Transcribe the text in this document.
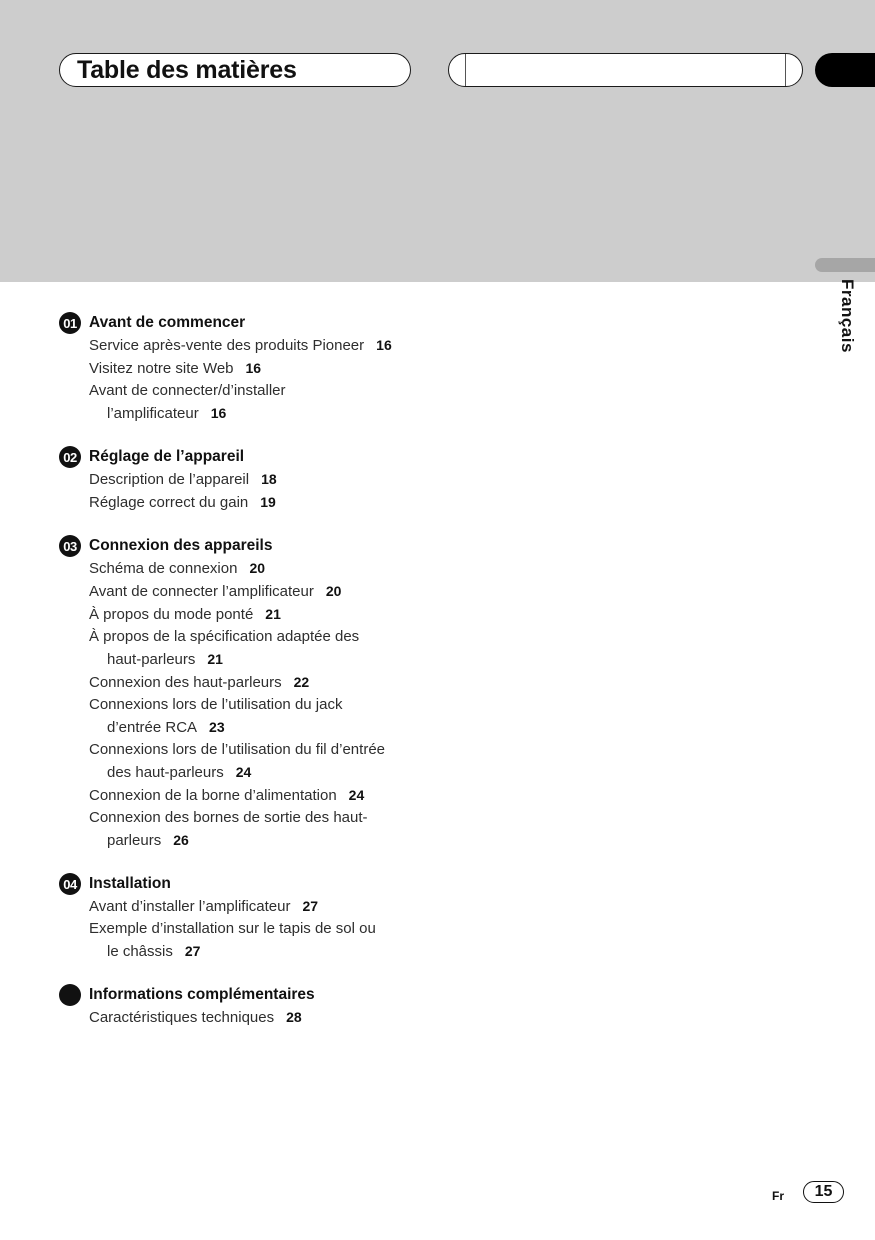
Table des matières
Français
01 Avant de commencer
Service après-vente des produits Pioneer 16
Visitez notre site Web 16
Avant de connecter/d’installer
l’amplificateur 16
02 Réglage de l’appareil
Description de l’appareil 18
Réglage correct du gain 19
03 Connexion des appareils
Schéma de connexion 20
Avant de connecter l’amplificateur 20
À propos du mode ponté 21
À propos de la spécification adaptée des
haut-parleurs 21
Connexion des haut-parleurs 22
Connexions lors de l’utilisation du jack
d’entrée RCA 23
Connexions lors de l’utilisation du fil d’entrée
des haut-parleurs 24
Connexion de la borne d’alimentation 24
Connexion des bornes de sortie des haut-
parleurs 26
04 Installation
Avant d’installer l’amplificateur 27
Exemple d’installation sur le tapis de sol ou
le châssis 27
Informations complémentaires
Caractéristiques techniques 28
Fr	15
